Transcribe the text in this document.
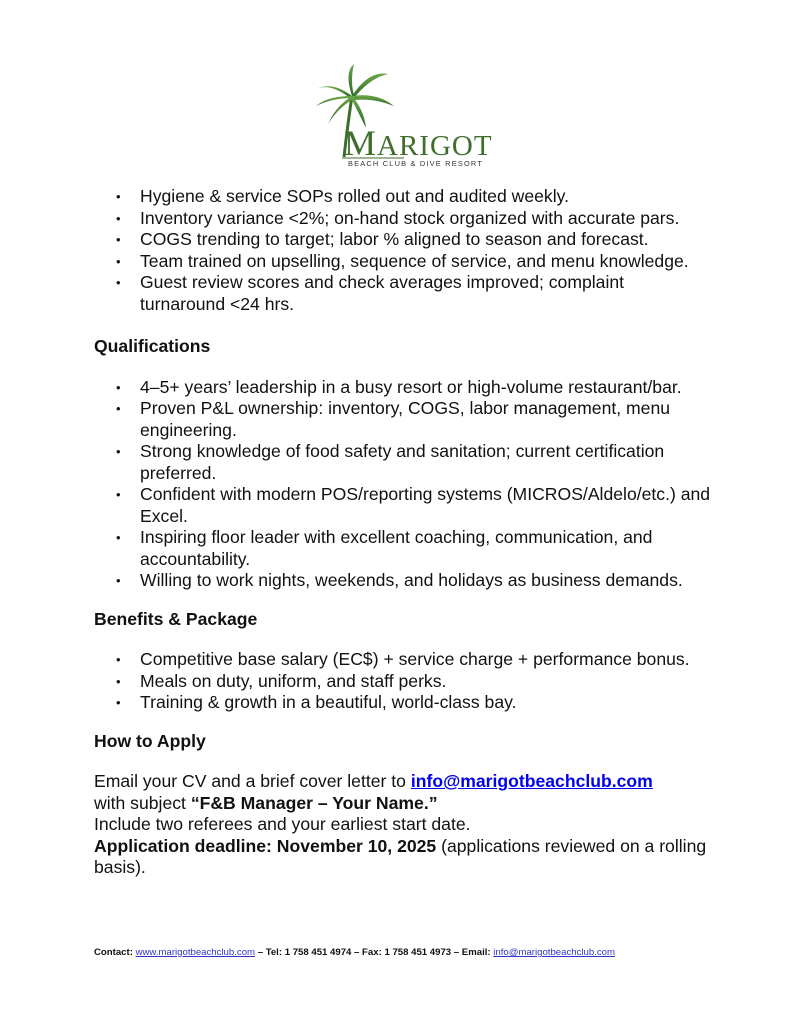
MARIGOT
BEACH CLUB & DIVE RESORT
• Hygiene & service SOPs rolled out and audited weekly.
• Inventory variance <2%; on-hand stock organized with accurate pars.
• COGS trending to target; labor % aligned to season and forecast.
• Team trained on upselling, sequence of service, and menu knowledge.
• Guest review scores and check averages improved; complaint turnaround <24 hrs.
Qualifications
• 4–5+ years’ leadership in a busy resort or high-volume restaurant/bar.
• Proven P&L ownership: inventory, COGS, labor management, menu engineering.
• Strong knowledge of food safety and sanitation; current certification preferred.
• Confident with modern POS/reporting systems (MICROS/Aldelo/etc.) and Excel.
• Inspiring floor leader with excellent coaching, communication, and accountability.
• Willing to work nights, weekends, and holidays as business demands.
Benefits & Package
• Competitive base salary (EC$) + service charge + performance bonus.
• Meals on duty, uniform, and staff perks.
• Training & growth in a beautiful, world-class bay.
How to Apply

Email your CV and a brief cover letter to info@marigotbeachclub.com

with subject “F&B Manager – Your Name.”

Include two referees and your earliest start date.

Application deadline: November 10, 2025 (applications reviewed on a rolling basis).

Contact: www.marigotbeachclub.com – Tel: 1 758 451 4974 – Fax: 1 758 451 4973 – Email: info@marigotbeachclub.com
